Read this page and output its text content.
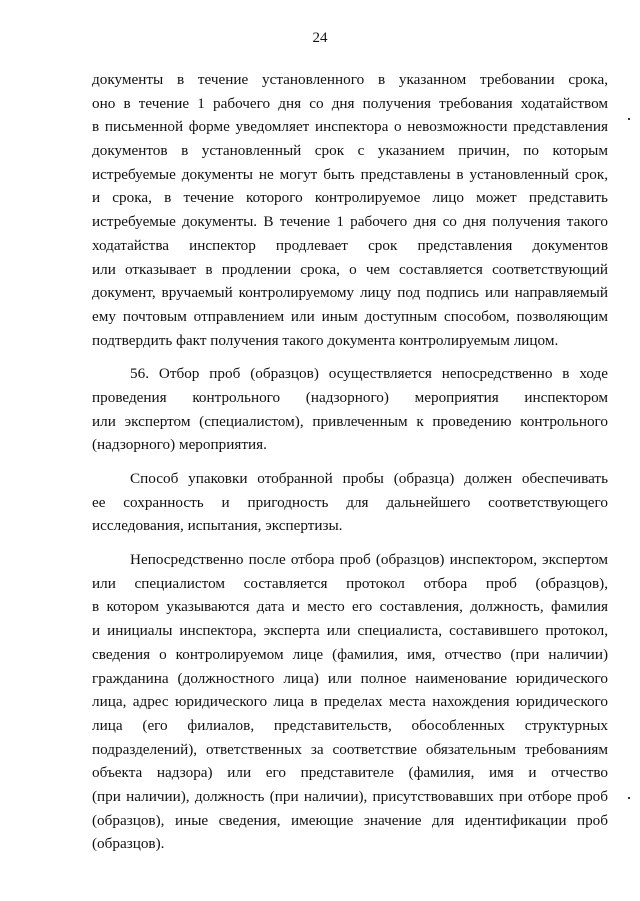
24
документы в течение установленного в указанном требовании срока,
оно в течение 1 рабочего дня со дня получения требования ходатайством
в письменной форме уведомляет инспектора о невозможности представления
документов в установленный срок с указанием причин, по которым
истребуемые документы не могут быть представлены в установленный срок,
и срока, в течение которого контролируемое лицо может представить
истребуемые документы. В течение 1 рабочего дня со дня получения такого
ходатайства инспектор продлевает срок представления документов
или отказывает в продлении срока, о чем составляется соответствующий
документ, вручаемый контролируемому лицу под подпись или направляемый
ему почтовым отправлением или иным доступным способом, позволяющим
подтвердить факт получения такого документа контролируемым лицом.
56. Отбор проб (образцов) осуществляется непосредственно в ходе
проведения контрольного (надзорного) мероприятия инспектором
или экспертом (специалистом), привлеченным к проведению контрольного
(надзорного) мероприятия.
Способ упаковки отобранной пробы (образца) должен обеспечивать
ее сохранность и пригодность для дальнейшего соответствующего
исследования, испытания, экспертизы.
Непосредственно после отбора проб (образцов) инспектором, экспертом
или специалистом составляется протокол отбора проб (образцов),
в котором указываются дата и место его составления, должность, фамилия
и инициалы инспектора, эксперта или специалиста, составившего протокол,
сведения о контролируемом лице (фамилия, имя, отчество (при наличии)
гражданина (должностного лица) или полное наименование юридического
лица, адрес юридического лица в пределах места нахождения юридического
лица (его филиалов, представительств, обособленных структурных
подразделений), ответственных за соответствие обязательным требованиям
объекта надзора) или его представителе (фамилия, имя и отчество
(при наличии), должность (при наличии), присутствовавших при отборе проб
(образцов), иные сведения, имеющие значение для идентификации проб
(образцов).
